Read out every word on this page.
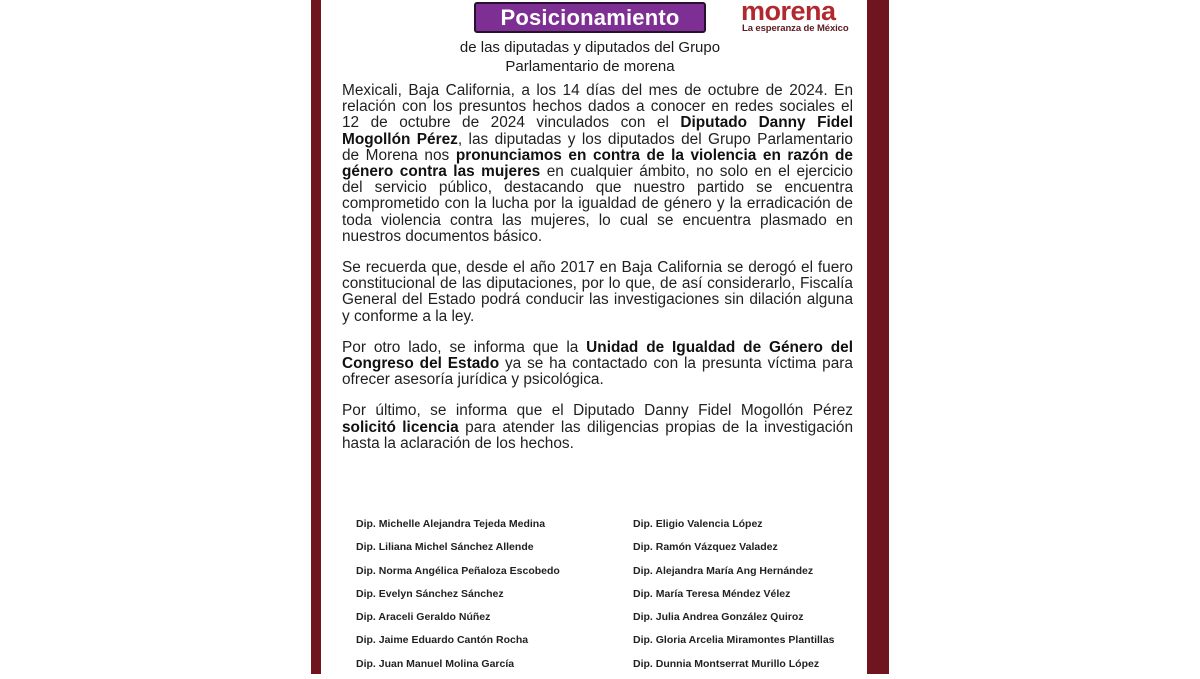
Posicionamiento	morena
La esperanza de México
de las diputadas y diputados del Grupo
Parlamentario de morena

Mexicali, Baja California, a los 14 días del mes de octubre de 2024. En relación con los presuntos hechos dados a conocer en redes sociales el 12 de octubre de 2024 vinculados con el Diputado Danny Fidel Mogollón Pérez, las diputadas y los diputados del Grupo Parlamentario de Morena nos pronunciamos en contra de la violencia en razón de género contra las mujeres en cualquier ámbito, no solo en el ejercicio del servicio público, destacando que nuestro partido se encuentra comprometido con la lucha por la igualdad de género y la erradicación de toda violencia contra las mujeres, lo cual se encuentra plasmado en nuestros documentos básico.

Se recuerda que, desde el año 2017 en Baja California se derogó el fuero constitucional de las diputaciones, por lo que, de así considerarlo, Fiscalía General del Estado podrá conducir las investigaciones sin dilación alguna y conforme a la ley.

Por otro lado, se informa que la Unidad de Igualdad de Género del Congreso del Estado ya se ha contactado con la presunta víctima para ofrecer asesoría jurídica y psicológica.

Por último, se informa que el Diputado Danny Fidel Mogollón Pérez solicitó licencia para atender las diligencias propias de la investigación hasta la aclaración de los hechos.

Dip. Michelle Alejandra Tejeda Medina
Dip. Liliana Michel Sánchez Allende
Dip. Norma Angélica Peñaloza Escobedo
Dip. Evelyn Sánchez Sánchez
Dip. Araceli Geraldo Núñez
Dip. Jaime Eduardo Cantón Rocha
Dip. Juan Manuel Molina García
Dip. Eligio Valencia López
Dip. Ramón Vázquez Valadez
Dip. Alejandra María Ang Hernández
Dip. María Teresa Méndez Vélez
Dip. Julia Andrea González Quiroz
Dip. Gloria Arcelia Miramontes Plantillas
Dip. Dunnia Montserrat Murillo López
